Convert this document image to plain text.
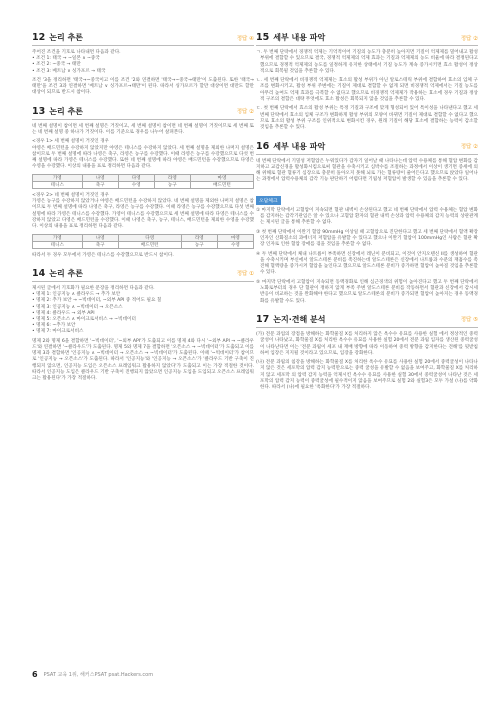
12 논리 추론	정답 ④
주어진 조건을 기호로 나타내면 다음과 같다.
• 조건 1: 태국 → ~일본 ∧ ~중국
• 조건 2: ~중국 → 태만
• 조건 3: 베트남 ∨ 싱가포르 → 태국
조건 '3을 정리하면 '태국→~중국이고 이를 조건 '2와 연결하면 '태국→~중국→태만'이 도출된다. 또한 '태국→태만'을 조건 3과 연결하면 '베트남 ∨ 싱가포르→태만'이 된다. 따라서 싱가포르가 할만 대상이면 대만도 할만 대상이 되므로 반드시 참이다.
13 논리 추론	정답 ②
네 번째 설명이 참이면 세 번째 설명은 거짓이고, 세 번째 설명이 참이면 네 번째 설명이 거짓이므로 세 번째 또는 네 번째 설명 중 하나가 거짓이다. 이를 기준으로 경우를 나누어 살펴본다.
<경우 1> 세 번째 설명이 거짓인 경우
야영은 배드민턴을 수강하지 않았지만 야영은 테니스를 수강하지 않았다. 세 번째 설명을 제외한 나머지 설명은 참이므로 두 번째 설명에 따라 나영은 축구, 라영은 농구를 수강했다. 이때 라영은 농구를 수강했으므로 다섯 번째 설명에 따라 가영은 테니스를 수강했다. 또한 네 번째 설명에 따라 야영은 배드민턴을 수강했으므로 다영은 수영을 수강했다. 이상의 내용을 표로 정리하면 다음과 같다.
가영	나영	다영	라영	마영
테니스	축구	수영	농구	배드민턴
<경우 2> 네 번째 설명이 거짓인 경우
가영은 농구를 수강하지 않았거나 야영은 배드민턴을 수강하지 않았다. 네 번째 설명을 제외한 나머지 설명은 참이므로 두 번째 설명에 따라 나영은 축구, 라영은 농구를 수강했다. 이때 라영은 농구를 수강했으므로 다섯 번째 설명에 따라 가영은 테니스를 수강했다. 가영이 테니스를 수강했으므로 세 번째 설명에 따라 다영은 테니스를 수강하지 않았고 다영은 배드민턴을 수강했다. 이때 나영은 축구, 농구, 테니스, 배드민턴을 제외한 수영을 수강했다. 이상의 내용을 표로 정리하면 다음과 같다.
가영	나영	다영	라영	마영
테니스	축구	배드민턴	농구	수영
따라서 두 경우 모두에서 가영은 테니스를 수강했으므로 반드시 참이다.
14 논리 추론	정답 ①
제시된 글에서 기호화가 필요한 문장을 정리하면 다음과 같다.
• 명제 1: 인공지능 ∧ 클라우드 → 추가 보안
• 명제 2: 추가 보안 → ~빅데이터, ~외부 API 중 적어도 필요 칠
• 명제 3: 인공지능 ∧ ~빅데이터 → 오픈소스
• 명제 4: 클라우드 → 외부 API
• 명제 5: 오픈소스 ∧ 마이크로서비스 → ~빅데이터
• 명제 6: ~추가 보안
• 명제 7: 마이크로서비스
명제 2와 명제 6을 결합하면 '~빅데이터', '~외부 API'가 도출되고 이를 명제 4와 다시 '~외부 API → ~클라우드'와 연결하면 '~클라우드'가 도출된다. 명제 5와 명제 7을 결합하면 '오픈소스 → ~빅데이터'가 도출되고 이를 명제 3과 결합하면 '인공지능 ∧ ~빅데이터 → 오픈소스 → ~빅데이터'가 도출된다. 이때 '~빅데이터'가 참이므로 '인공지능 → 오픈소스'가 도출된다. 따라서 '인공지능'와 '인공지능 → 오픈소스'가 '클라우드 기반 구축이 진행되지 않으면, 인공지능 도입은 오픈소스 프레임워크 활용하지 않았다'가 도출되고 이는 가장 적절한 것이다. 따라서 인공지능 도입은 클라우드 기반 구축이 진행되지 않았으면 인공지능 도입을 도입되고 오픈소스 프레임워크는 활용된다'가 가장 적절하다.
15 세부 내용 파악	정답 ②
ㄱ. 두 번째 단락에서 경쟁적 억제는 기억적이어 기질의 농도가 충분히 높아지면 기질이 억제제를 밀어내고 활성 부위에 결합할 수 있으므로 결국, 경쟁적 억제제의 억제 효과는 기질과 억제제의 농도 비율에 따라 결정된다고 했으므로 경쟁적 억제제의 농도를 일정하게 유지한 상태에서 기질 농도가 계속 증가시키면 효소 활성이 정상적으로 회복될 것임을 추론할 수 있다.
ㄴ. 세 번째 단락에서 비경쟁적 억제제는 효소의 활성 부위가 아닌 알로스테릭 부위에 결합하여 효소의 입체 구조를 변화시키고, 활성 부위 주변에는 기질이 제대로 결합할 수 없게 되면 비경쟁적 억제에서는 기질 농도를 아무리 높여도 억제 효과를 극복할 수 없다고 했으므로 비경쟁적 억제제가 작용하는 효소에 경우 기질과 정상적 구조의 결합은 대략 무엇에도 효소 활성은 회복되지 않을 것임을 추론할 수 있다.
ㄷ. 첫 번째 단락에서 효소의 활성 부위는 특정 기질과 구조에 맞게 형성되어 있어 특이성을 나타낸다고 했고 세 번째 단락에서 효소의 입체 구조가 변화하게 활성 부위의 모양이 바뀌면 기질이 제대로 결합할 수 없다고 했으므로 효소의 활성 부위 구조를 인위적으로 변화시킨 경우, 원래 기질이 해당 효소에 결합하는 능력이 감소할 것임을 추론할 수 있다.
16 세부 내용 파악	정답 ②
네 번째 단락에서 기밀성 저혈압은 누워있다가 갑자기 일어날 때 나타나는데 압력 수용체를 통해 혈압 변화를 감지하고 교감신경을 활성화시킴으로써 혈관을 수축시키고 심박수를 조절하는 과정에서 이상이 생기면 증세에 의해 위해로 혈관 혈류기 심장으로 충분히 돌아오지 못해 뇌로 가는 혈류량이 줄어든다고 했으므로 앉았다 일어나는 과정에서 압력수용체의 감각 기능 판단하기 어렵다면 기립성 저혈압이 발생할 수 있음을 추론할 수 있다.
오답체크
① 마지막 단락에서 고혈압이 지속되면 혈관 내벽이 손상된다고 했고 네 번째 단락에서 압력 수용체는 혈압 변화를 감지하는 감각기관임은 알 수 있으나 고혈압 환자의 혈관 내벽 손상과 압력 수용체의 감지 능력의 상관관계는 제시된 글을 통해 추론할 수 없다.
③ 첫 번째 단락에서 이완기 혈압 90mmHg 이상일 때 고혈압으로 진단한다고 했고 세 번째 단락에서 혈액 확장 인자인 산화질소의 과에너지 저혈압을 유발할 수 있다고 했으나 이완기 혈압이 100mmHg인 사람은 혈관 확장 인자로 인한 혈압 장애를 겪을 것임을 추론할 수 없다.
④ 두 번째 단락에서 체내 나트륨이 부족하면 신장에서 레닌이 분비되고, 이것이 안지오텐신 II를 생성하여 혈관을 수축시키며 부신에서 알도스테론 분비를 촉진하는데 알도스테론은 신장에서 나트륨과 수분의 재흡수를 촉진해 혈액량을 증가시켜 혈압을 높인다고 했으므로 알도스테론 분비가 증가하면 혈압이 높아질 것임을 추론할 수 있다.
⑤ 마지막 단락에서 고혈압이 지속되면 동맥경화로 인해 심근경색의 위험이 높아진다고 했고 두 번째 단락에서 노화로부터의 경우 단 혈관이 정하지 않게 부족 주변 알도스테론 분비를 작동하면서 혈관과 신장에서 감시세 반응이 비교하는 것을 완화해야 한다고 했으므로 알도스테론의 분비가 증가되면 혈압이 높아지는 경우 동맥경화를 유발할 수도 있다.
17 논지·견해 분석	정답 ⑤
(가) 전문 과업의 장점을 방해하는 화학물질 X를 처리하지 않은 옥수수 유묘를 사용한 실험 에서 정상적인 중력굴성이 나타났고, 화학물질 X를 처리한 옥수수 유묘를 사용한 실험 20에서 전분 과립 입자를 생산된 중력굴성이 나타난다면 이는 '전분 과립이 세포 내 재배 방향에 따라 이동하여 중력 방향을 감지한다는 견해'를 뒷받침하여 입장은 지지될 것이라고 있으므로, 입장을 강화한다.
(나) 전분 과립의 침강을 방해하는 화학물질 X를 처리한 옥수수 유묘를 사용한 실험 20에서 중력굴성이 나타나지 않은 것은 세포막의 압력 감지 능력만으로는 중력 굴성을 유발할 수 없음을 보여주고, 화학물질 X를 처리하지 않고 세포막 의 압력 감지 능력을 억제시킨 옥수수 유묘를 사용한 실험 30에서 중력굴성이 나타난 것은 세포막의 압력 감지 능력이 중력굴성에 필수적이지 않음을 보여주므로 실험 2와 실험3은 모두 가설 (나)를 약화한다. 따라서 (나)에 필요한 '옥화한다'가 가장 적절하다.
6 PSAT 교육 1위, 해커스PSAT psat.Hackers.com
